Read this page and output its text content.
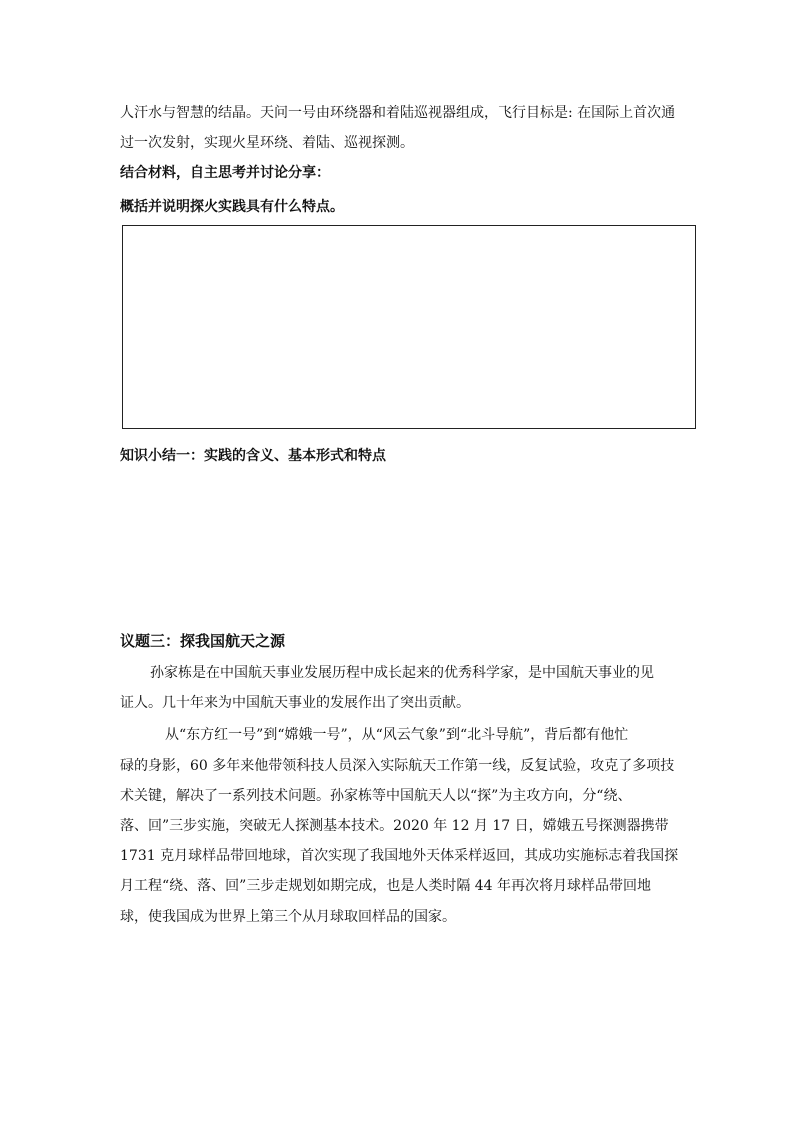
人汗水与智慧的结晶。天问一号由环绕器和着陆巡视器组成，飞行目标是: 在国际上首次通
过一次发射，实现火星环绕、着陆、巡视探测。
结合材料，自主思考并讨论分享：
概括并说明探火实践具有什么特点。
知识小结一：实践的含义、基本形式和特点
议题三：探我国航天之源
孙家栋是在中国航天事业发展历程中成长起来的优秀科学家，是中国航天事业的见
证人。几十年来为中国航天事业的发展作出了突出贡献。
从“东方红一号”到“嫦娥一号”，从“风云气象”到“北斗导航”，背后都有他忙
碌的身影，60 多年来他带领科技人员深入实际航天工作第一线，反复试验，攻克了多项技
术关键，解决了一系列技术问题。孙家栋等中国航天人以“探”为主攻方向，分“绕、
落、回”三步实施，突破无人探测基本技术。2020 年 12 月 17 日，嫦娥五号探测器携带
1731 克月球样品带回地球，首次实现了我国地外天体采样返回，其成功实施标志着我国探
月工程“绕、落、回”三步走规划如期完成，也是人类时隔 44 年再次将月球样品带回地
球，使我国成为世界上第三个从月球取回样品的国家。
